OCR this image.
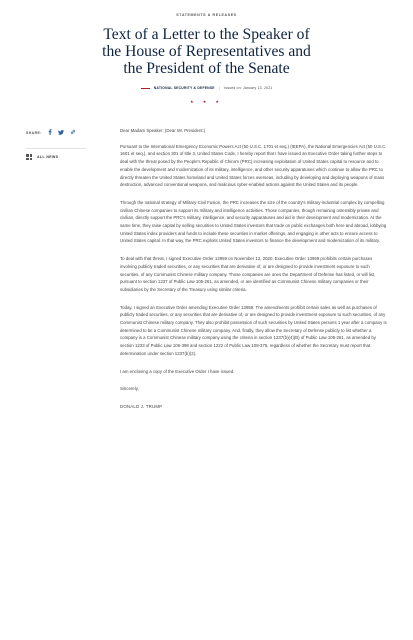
STATEMENTS & RELEASES
Text of a Letter to the Speaker of
the House of Representatives and
the President of the Senate
NATIONAL SECURITY & DEFENSE | Issued on: January 13, 2021
★ ★ ★
SHARE:
ALL NEWS

Dear Madam Speaker: (Dear Mr. President:)

Pursuant to the International Emergency Economic Powers Act (50 U.S.C. 1701 et seq.) (IEEPA), the National Emergencies Act (50 U.S.C. 1601 et seq.), and section 301 of title 3, United States Code, I hereby report that I have issued an Executive Order taking further steps to deal with the threat posed by the People's Republic of China's (PRC) increasing exploitation of United States capital to resource and to enable the development and modernization of its military, intelligence, and other security apparatuses which continue to allow the PRC to directly threaten the United States homeland and United States forces overseas, including by developing and deploying weapons of mass destruction, advanced conventional weapons, and malicious cyber-enabled actions against the United States and its people.

Through the national strategy of Military-Civil Fusion, the PRC increases the size of the country's military-industrial complex by compelling civilian Chinese companies to support its military and intelligence activities. Those companies, though remaining ostensibly private and civilian, directly support the PRC's military, intelligence, and security apparatuses and aid in their development and modernization. At the same time, they raise capital by selling securities to United States investors that trade on public exchanges both here and abroad, lobbying United States index providers and funds to include these securities in market offerings, and engaging in other acts to ensure access to United States capital. In that way, the PRC exploits United States investors to finance the development and modernization of its military.

To deal with that threat, I signed Executive Order 13959 on November 12, 2020. Executive Order 13959 prohibits certain purchases involving publicly traded securities, or any securities that are derivative of, or are designed to provide investment exposure to such securities, of any Communist Chinese military company. Those companies are ones the Department of Defense has listed, or will list, pursuant to section 1237 of Public Law 105-261, as amended, or are identified as Communist Chinese military companies or their subsidiaries by the Secretary of the Treasury using similar criteria.

Today, I signed an Executive Order amending Executive Order 13959. The amendments prohibit certain sales as well as purchases of publicly traded securities, or any securities that are derivative of, or are designed to provide investment exposure to such securities, of any Communist Chinese military company. They also prohibit possession of such securities by United States persons 1 year after a company is determined to be a Communist Chinese military company. And, finally, they allow the Secretary of Defense publicly to list whether a company is a Communist Chinese military company using the criteria in section 1237(b)(4)(B) of Public Law 105-261, as amended by section 1233 of Public Law 106-398 and section 1222 of Public Law 108-375, regardless of whether the Secretary must report that determination under section 1237(b)(2).

I am enclosing a copy of the Executive Order I have issued.

Sincerely,

DONALD J. TRUMP
